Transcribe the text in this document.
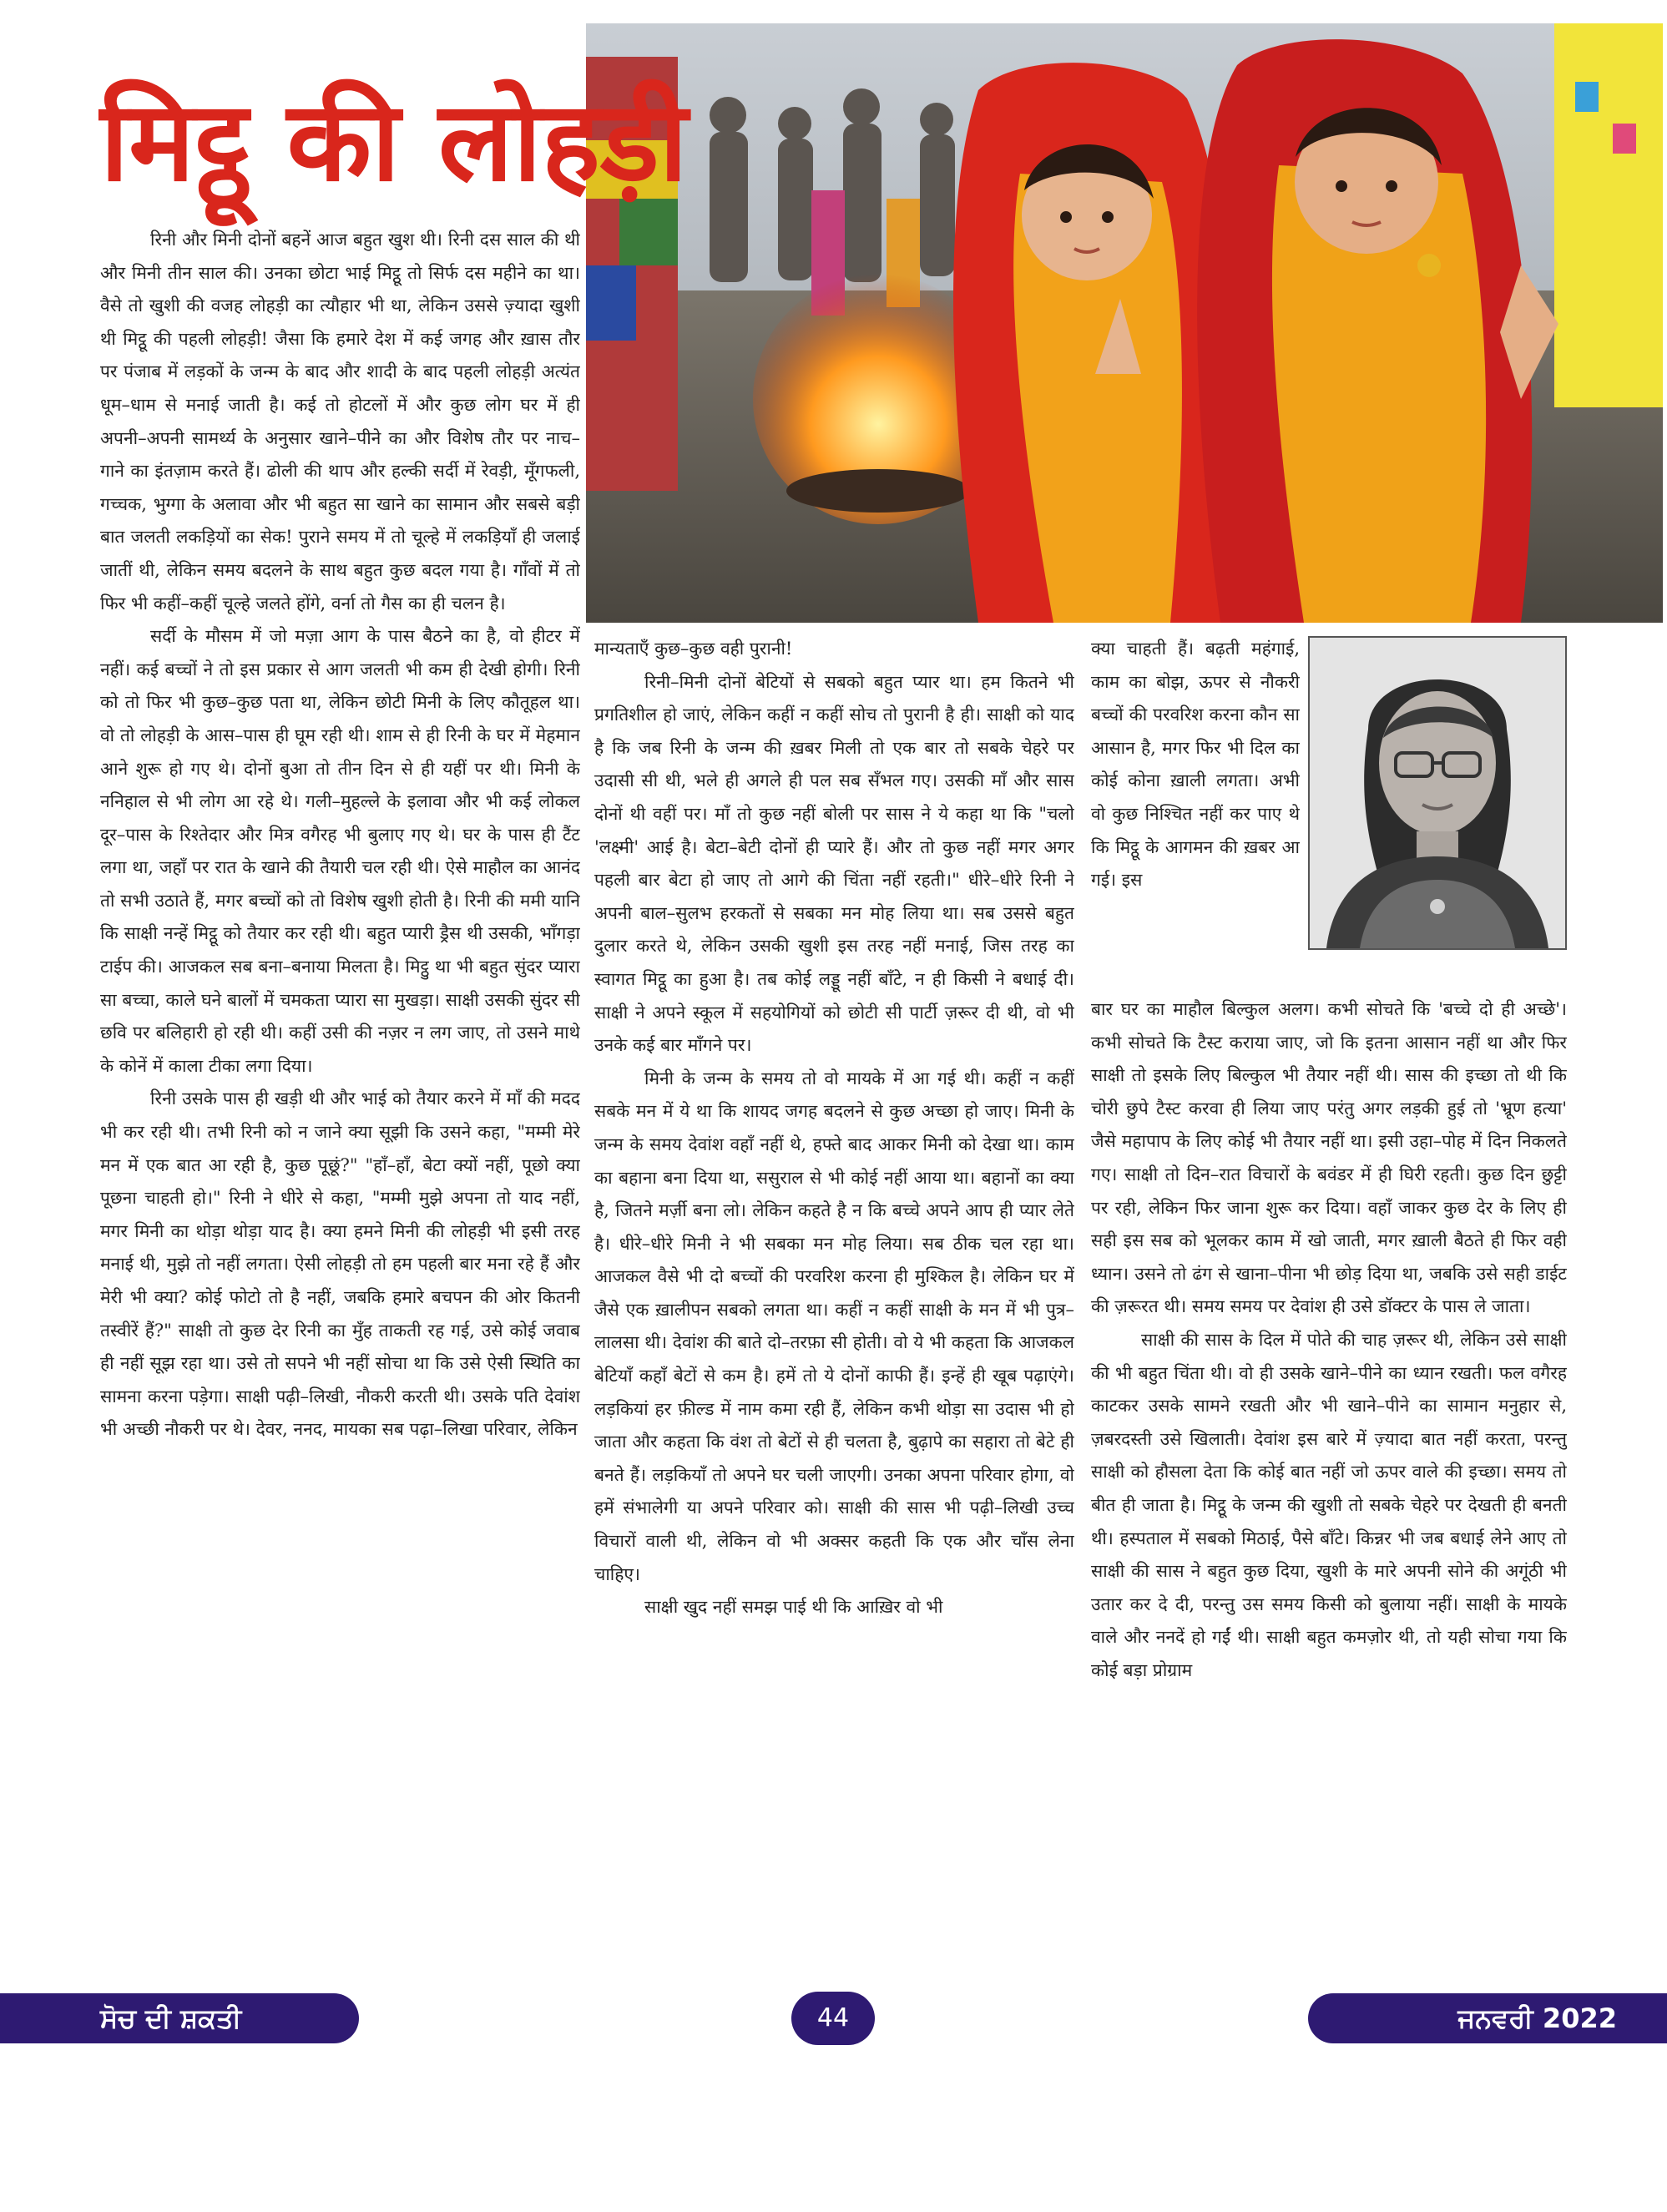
मिट्ठू की लोहड़ी

रिनी और मिनी दोनों बहनें आज बहुत खुश थी। रिनी दस साल की थी और मिनी तीन साल की। उनका छोटा भाई मिट्ठू तो सिर्फ दस महीने का था। वैसे तो खुशी की वजह लोहड़ी का त्यौहार भी था, लेकिन उससे ज़्यादा खुशी थी मिट्ठू की पहली लोहड़ी! जैसा कि हमारे देश में कई जगह और ख़ास तौर पर पंजाब में लड़कों के जन्म के बाद और शादी के बाद पहली लोहड़ी अत्यंत धूम–धाम से मनाई जाती है। कई तो होटलों में और कुछ लोग घर में ही अपनी–अपनी सामर्थ्य के अनुसार खाने–पीने का और विशेष तौर पर नाच–गाने का इंतज़ाम करते हैं। ढोली की थाप और हल्की सर्दी में रेवड़ी, मूँगफली, गच्चक, भुग्गा के अलावा और भी बहुत सा खाने का सामान और सबसे बड़ी बात जलती लकड़ियों का सेक! पुराने समय में तो चूल्हे में लकड़ियाँ ही जलाई जातीं थी, लेकिन समय बदलने के साथ बहुत कुछ बदल गया है। गाँवों में तो फिर भी कहीं–कहीं चूल्हे जलते होंगे, वर्ना तो गैस का ही चलन है।

सर्दी के मौसम में जो मज़ा आग के पास बैठने का है, वो हीटर में नहीं। कई बच्चों ने तो इस प्रकार से आग जलती भी कम ही देखी होगी। रिनी को तो फिर भी कुछ–कुछ पता था, लेकिन छोटी मिनी के लिए कौतूहल था। वो तो लोहड़ी के आस–पास ही घूम रही थी। शाम से ही रिनी के घर में मेहमान आने शुरू हो गए थे। दोनों बुआ तो तीन दिन से ही यहीं पर थी। मिनी के ननिहाल से भी लोग आ रहे थे। गली–मुहल्ले के इलावा और भी कई लोकल दूर–पास के रिश्तेदार और मित्र वगैरह भी बुलाए गए थे। घर के पास ही टैंट लगा था, जहाँ पर रात के खाने की तैयारी चल रही थी। ऐसे माहौल का आनंद तो सभी उठाते हैं, मगर बच्चों को तो विशेष खुशी होती है। रिनी की ममी यानि कि साक्षी नन्हें मिट्ठू को तैयार कर रही थी। बहुत प्यारी ड्रैस थी उसकी, भाँगड़ा टाईप की। आजकल सब बना–बनाया मिलता है। मिट्ठु था भी बहुत सुंदर प्यारा सा बच्चा, काले घने बालों में चमकता प्यारा सा मुखड़ा। साक्षी उसकी सुंदर सी छवि पर बलिहारी हो रही थी। कहीं उसी की नज़र न लग जाए, तो उसने माथे के कोनें में काला टीका लगा दिया।

रिनी उसके पास ही खड़ी थी और भाई को तैयार करने में माँ की मदद भी कर रही थी। तभी रिनी को न जाने क्या सूझी कि उसने कहा, "मम्मी मेरे मन में एक बात आ रही है, कुछ पूछूं?" "हाँ–हाँ, बेटा क्यों नहीं, पूछो क्या पूछना चाहती हो।" रिनी ने धीरे से कहा, "मम्मी मुझे अपना तो याद नहीं, मगर मिनी का थोड़ा थोड़ा याद है। क्या हमने मिनी की लोहड़ी भी इसी तरह मनाई थी, मुझे तो नहीं लगता। ऐसी लोहड़ी तो हम पहली बार मना रहे हैं और मेरी भी क्या? कोई फोटो तो है नहीं, जबकि हमारे बचपन की ओर कितनी तस्वीरें हैं?" साक्षी तो कुछ देर रिनी का मुँह ताकती रह गई, उसे कोई जवाब ही नहीं सूझ रहा था। उसे तो सपने भी नहीं सोचा था कि उसे ऐसी स्थिति का सामना करना पड़ेगा। साक्षी पढ़ी–लिखी, नौकरी करती थी। उसके पति देवांश भी अच्छी नौकरी पर थे। देवर, ननद, मायका सब पढ़ा–लिखा परिवार, लेकिन

मान्यताएँ कुछ–कुछ वही पुरानी!

रिनी–मिनी दोनों बेटियों से सबको बहुत प्यार था। हम कितने भी प्रगतिशील हो जाएं, लेकिन कहीं न कहीं सोच तो पुरानी है ही। साक्षी को याद है कि जब रिनी के जन्म की ख़बर मिली तो एक बार तो सबके चेहरे पर उदासी सी थी, भले ही अगले ही पल सब सँभल गए। उसकी माँ और सास दोनों थी वहीं पर। माँ तो कुछ नहीं बोली पर सास ने ये कहा था कि "चलो 'लक्ष्मी' आई है। बेटा–बेटी दोनों ही प्यारे हैं। और तो कुछ नहीं मगर अगर पहली बार बेटा हो जाए तो आगे की चिंता नहीं रहती।" धीरे–धीरे रिनी ने अपनी बाल–सुलभ हरकतों से सबका मन मोह लिया था। सब उससे बहुत दुलार करते थे, लेकिन उसकी खुशी इस तरह नहीं मनाई, जिस तरह का स्वागत मिट्ठू का हुआ है। तब कोई लड्डू नहीं बाँटे, न ही किसी ने बधाई दी। साक्षी ने अपने स्कूल में सहयोगियों को छोटी सी पार्टी ज़रूर दी थी, वो भी उनके कई बार माँगने पर।

मिनी के जन्म के समय तो वो मायके में आ गई थी। कहीं न कहीं सबके मन में ये था कि शायद जगह बदलने से कुछ अच्छा हो जाए। मिनी के जन्म के समय देवांश वहाँ नहीं थे, हफ्ते बाद आकर मिनी को देखा था। काम का बहाना बना दिया था, ससुराल से भी कोई नहीं आया था। बहानों का क्या है, जितने मर्ज़ी बना लो। लेकिन कहते है न कि बच्चे अपने आप ही प्यार लेते है। धीरे–धीरे मिनी ने भी सबका मन मोह लिया। सब ठीक चल रहा था। आजकल वैसे भी दो बच्चों की परवरिश करना ही मुश्किल है। लेकिन घर में जैसे एक ख़ालीपन सबको लगता था। कहीं न कहीं साक्षी के मन में भी पुत्र–लालसा थी। देवांश की बाते दो–तरफ़ा सी होती। वो ये भी कहता कि आजकल बेटियाँ कहाँ बेटों से कम है। हमें तो ये दोनों काफी हैं। इन्हें ही खूब पढ़ाएंगे। लड़कियां हर फ़ील्ड में नाम कमा रही हैं, लेकिन कभी थोड़ा सा उदास भी हो जाता और कहता कि वंश तो बेटों से ही चलता है, बुढ़ापे का सहारा तो बेटे ही बनते हैं। लड़कियाँ तो अपने घर चली जाएगी। उनका अपना परिवार होगा, वो हमें संभालेगी या अपने परिवार को। साक्षी की सास भी पढ़ी–लिखी उच्च विचारों वाली थी, लेकिन वो भी अक्सर कहती कि एक और चाँस लेना चाहिए।

साक्षी खुद नहीं समझ पाई थी कि आख़िर वो भी

क्या चाहती हैं। बढ़ती महंगाई, काम का बोझ, ऊपर से नौकरी बच्चों की परवरिश करना कौन सा आसान है, मगर फिर भी दिल का कोई कोना ख़ाली लगता। अभी वो कुछ निश्चित नहीं कर पाए थे कि मिट्ठू के आगमन की ख़बर आ गई। इस

बार घर का माहौल बिल्कुल अलग। कभी सोचते कि 'बच्चे दो ही अच्छे'। कभी सोचते कि टैस्ट कराया जाए, जो कि इतना आसान नहीं था और फिर साक्षी तो इसके लिए बिल्कुल भी तैयार नहीं थी। सास की इच्छा तो थी कि चोरी छुपे टैस्ट करवा ही लिया जाए परंतु अगर लड़की हुई तो 'भ्रूण हत्या' जैसे महापाप के लिए कोई भी तैयार नहीं था। इसी उहा–पोह में दिन निकलते गए। साक्षी तो दिन–रात विचारों के बवंडर में ही घिरी रहती। कुछ दिन छुट्टी पर रही, लेकिन फिर जाना शुरू कर दिया। वहाँ जाकर कुछ देर के लिए ही सही इस सब को भूलकर काम में खो जाती, मगर ख़ाली बैठते ही फिर वही ध्यान। उसने तो ढंग से खाना–पीना भी छोड़ दिया था, जबकि उसे सही डाईट की ज़रूरत थी। समय समय पर देवांश ही उसे डॉक्टर के पास ले जाता।

साक्षी की सास के दिल में पोते की चाह ज़रूर थी, लेकिन उसे साक्षी की भी बहुत चिंता थी। वो ही उसके खाने–पीने का ध्यान रखती। फल वगैरह काटकर उसके सामने रखती और भी खाने–पीने का सामान मनुहार से, ज़बरदस्ती उसे खिलाती। देवांश इस बारे में ज़्यादा बात नहीं करता, परन्तु साक्षी को हौसला देता कि कोई बात नहीं जो ऊपर वाले की इच्छा। समय तो बीत ही जाता है। मिट्ठू के जन्म की खुशी तो सबके चेहरे पर देखती ही बनती थी। हस्पताल में सबको मिठाई, पैसे बाँटे। किन्नर भी जब बधाई लेने आए तो साक्षी की सास ने बहुत कुछ दिया, खुशी के मारे अपनी सोने की अगूंठी भी उतार कर दे दी, परन्तु उस समय किसी को बुलाया नहीं। साक्षी के मायके वाले और ननदें हो गईं थी। साक्षी बहुत कमज़ोर थी, तो यही सोचा गया कि कोई बड़ा प्रोग्राम

ਸੋਚ ਦੀ ਸ਼ਕਤੀ	44	ਜਨਵਰੀ 2022
